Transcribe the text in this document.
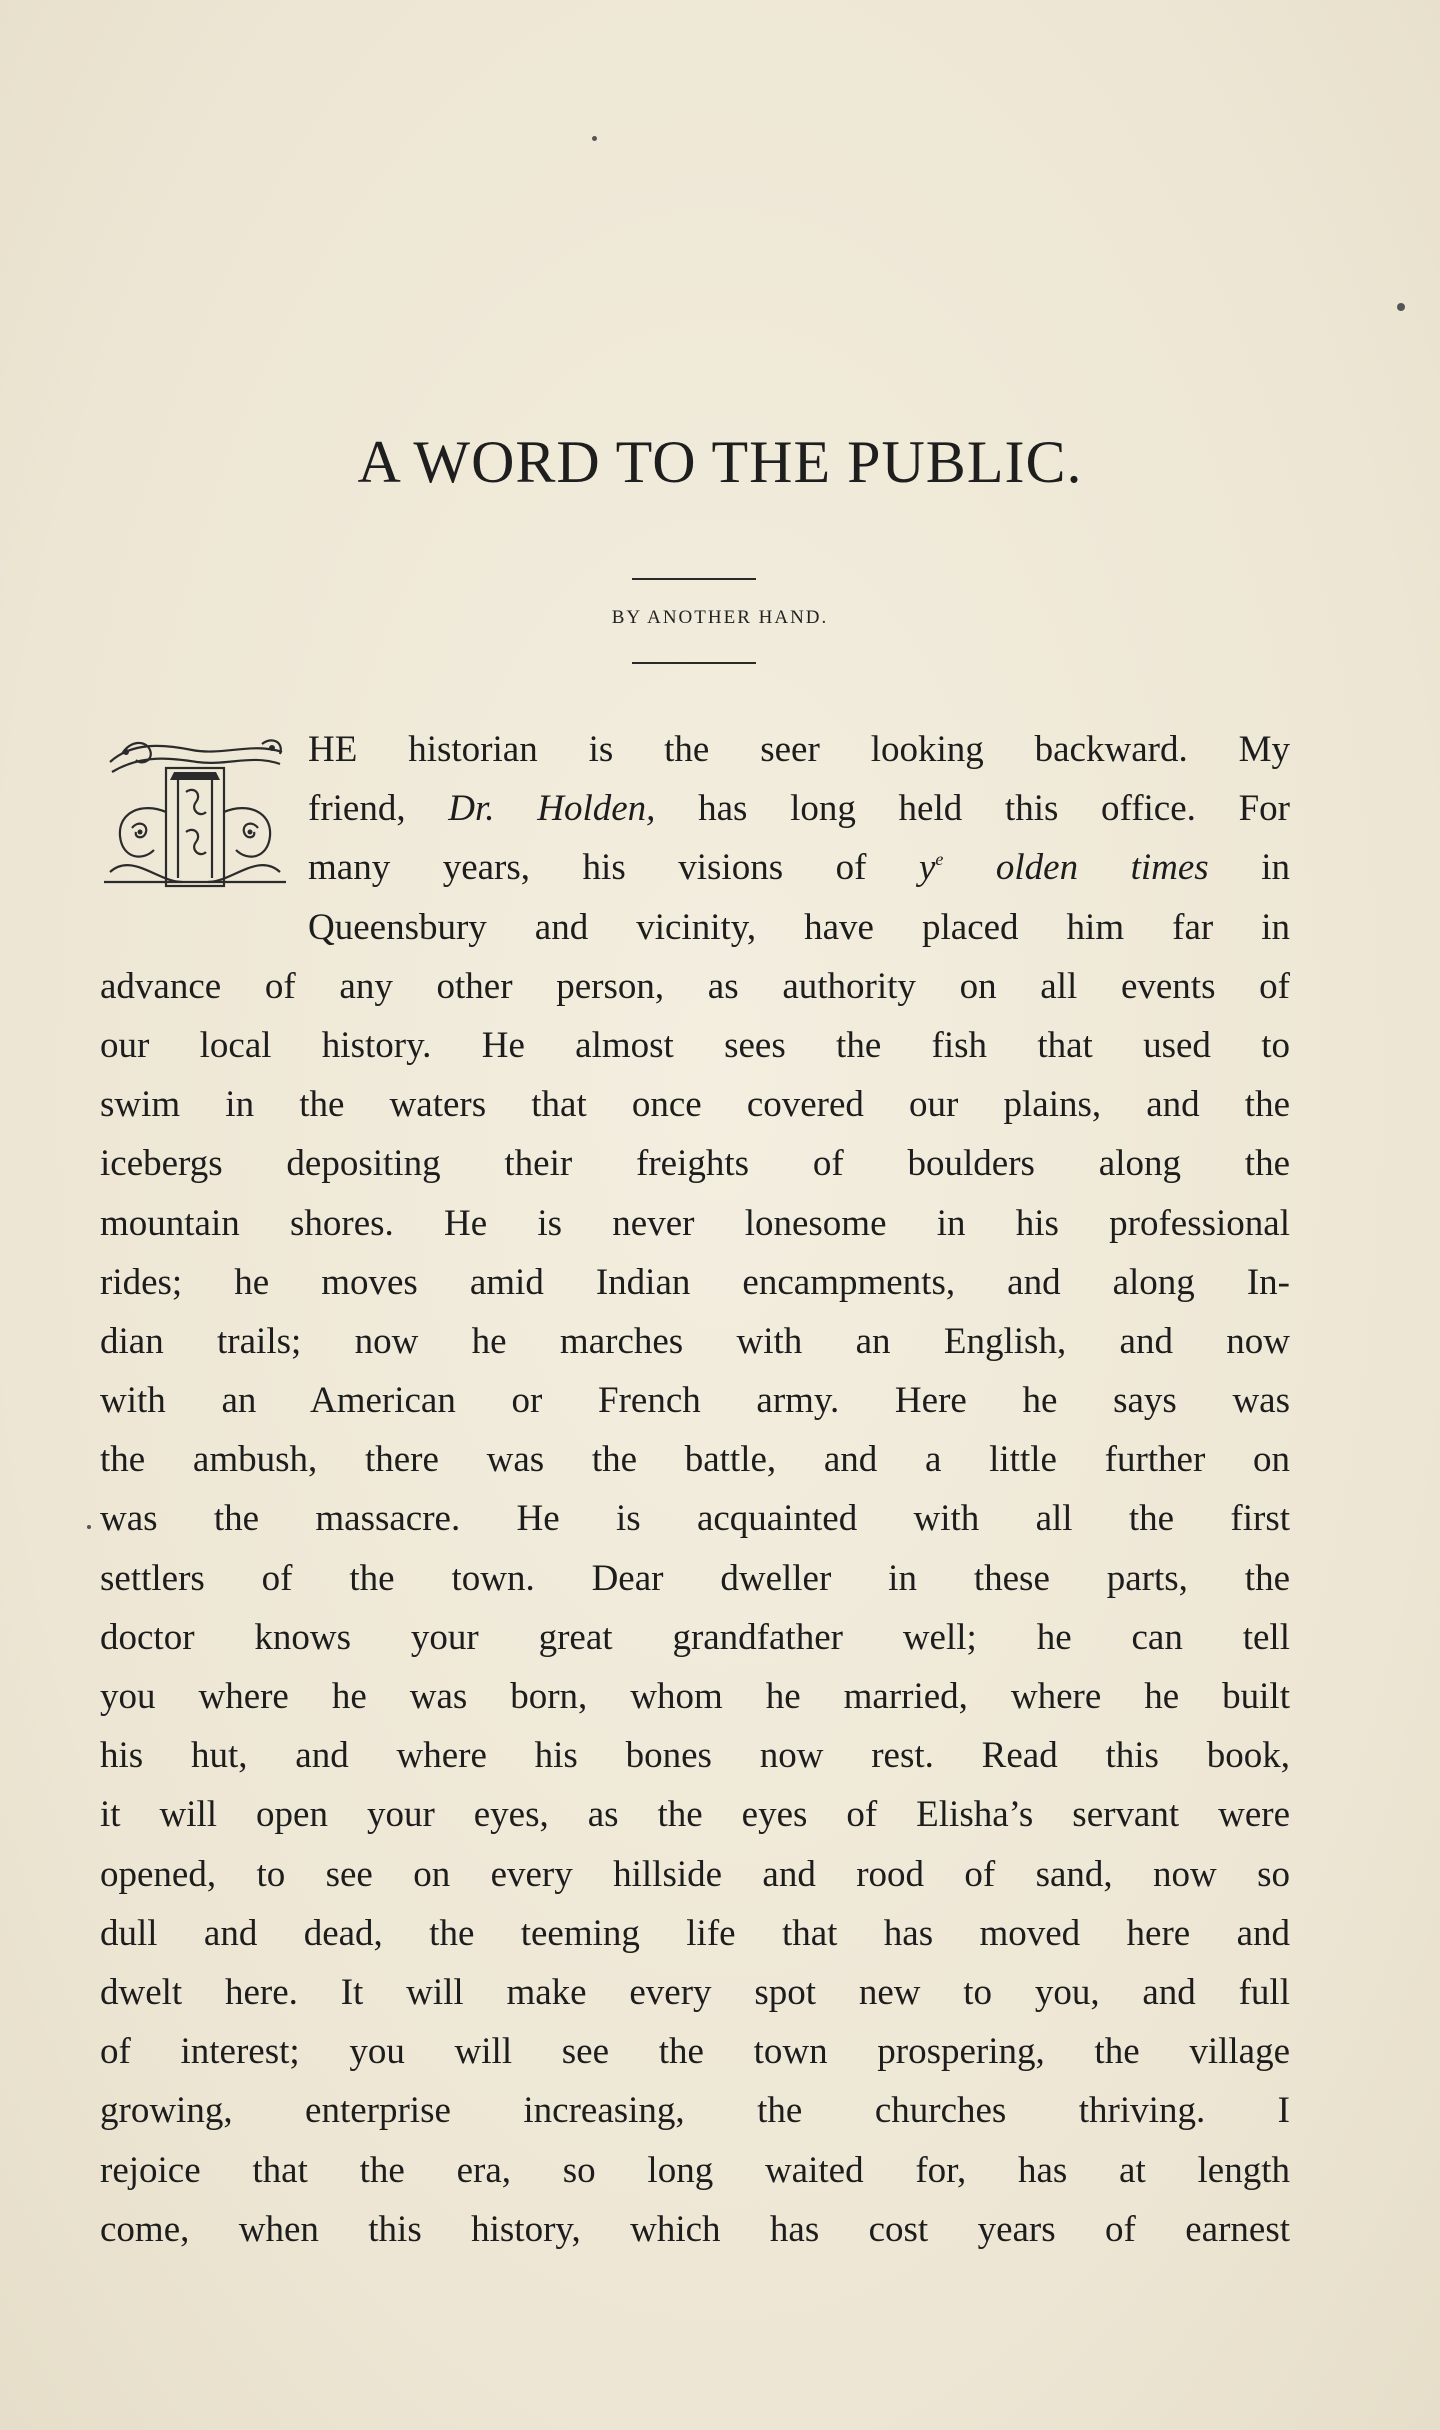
A WORD TO THE PUBLIC.

BY ANOTHER HAND.

HE historian is the seer looking backward. My
friend, Dr. Holden, has long held this office. For
many years, his visions of $y^e$ olden times in
Queensbury and vicinity, have placed him far in
advance of any other person, as authority on all events of
our local history. He almost sees the fish that used to
swim in the waters that once covered our plains, and the
icebergs depositing their freights of boulders along the
mountain shores. He is never lonesome in his professional
rides; he moves amid Indian encampments, and along In-
dian trails; now he marches with an English, and now
with an American or French army. Here he says was
the ambush, there was the battle, and a little further on
was the massacre. He is acquainted with all the first
settlers of the town. Dear dweller in these parts, the
doctor knows your great grandfather well; he can tell
you where he was born, whom he married, where he built
his hut, and where his bones now rest. Read this book,
it will open your eyes, as the eyes of Elisha’s servant were
opened, to see on every hillside and rood of sand, now so
dull and dead, the teeming life that has moved here and
dwelt here. It will make every spot new to you, and full
of interest; you will see the town prospering, the village
growing, enterprise increasing, the churches thriving. I
rejoice that the era, so long waited for, has at length
come, when this history, which has cost years of earnest
